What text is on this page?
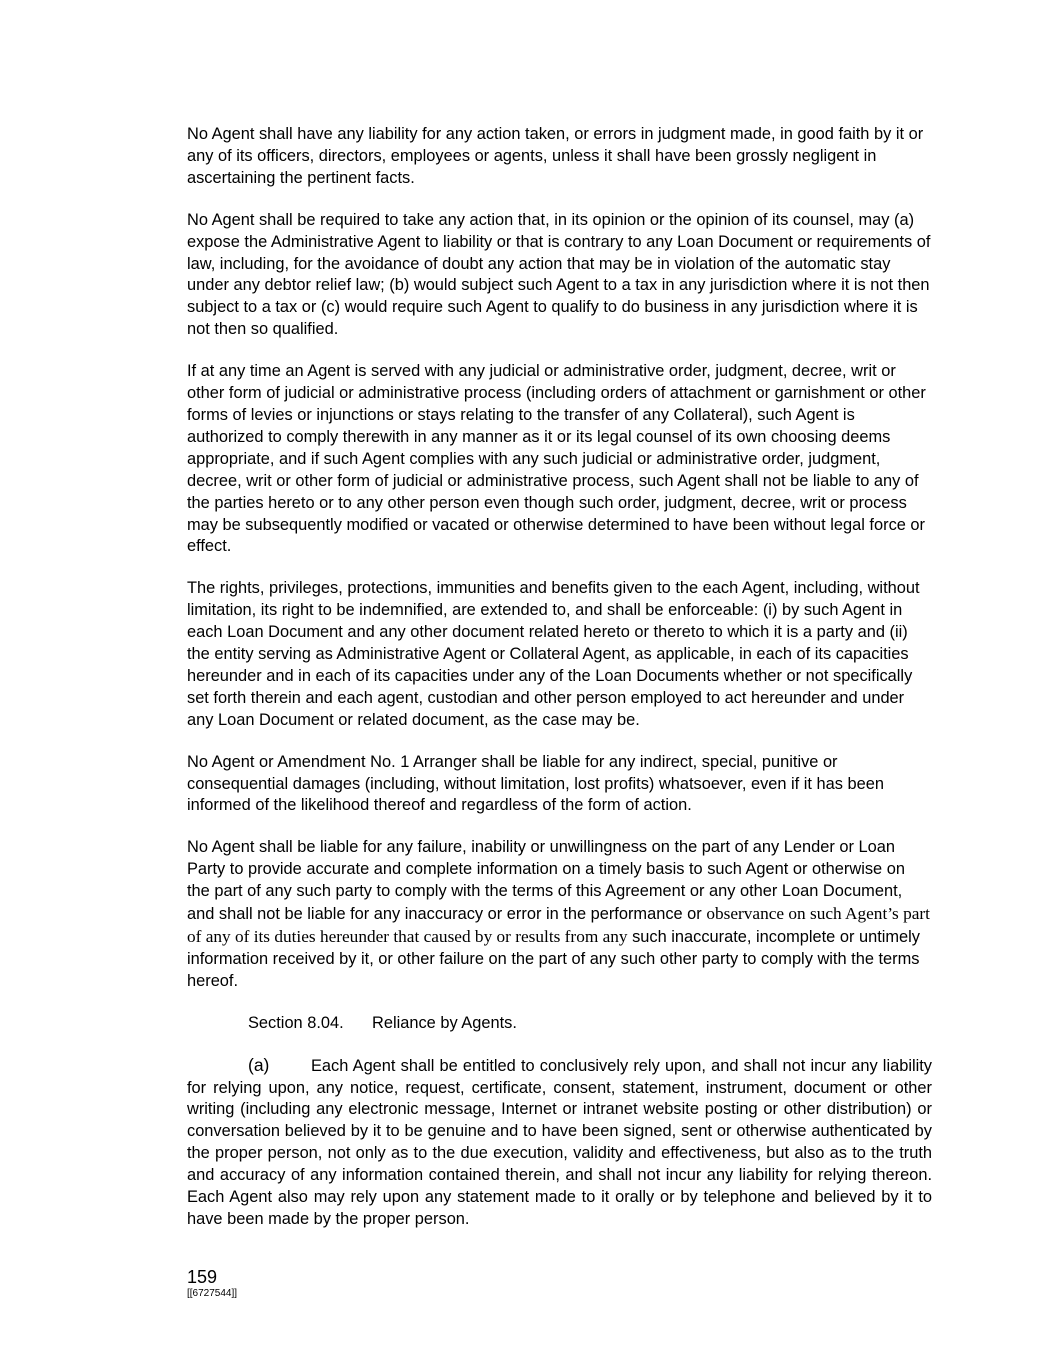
No Agent shall have any liability for any action taken, or errors in judgment made, in good faith by it or any of its officers, directors, employees or agents, unless it shall have been grossly negligent in ascertaining the pertinent facts.

No Agent shall be required to take any action that, in its opinion or the opinion of its counsel, may (a) expose the Administrative Agent to liability or that is contrary to any Loan Document or requirements of law, including, for the avoidance of doubt any action that may be in violation of the automatic stay under any debtor relief law; (b) would subject such Agent to a tax in any jurisdiction where it is not then subject to a tax or (c) would require such Agent to qualify to do business in any jurisdiction where it is not then so qualified.

If at any time an Agent is served with any judicial or administrative order, judgment, decree, writ or other form of judicial or administrative process (including orders of attachment or garnishment or other forms of levies or injunctions or stays relating to the transfer of any Collateral), such Agent is authorized to comply therewith in any manner as it or its legal counsel of its own choosing deems appropriate, and if such Agent complies with any such judicial or administrative order, judgment, decree, writ or other form of judicial or administrative process, such Agent shall not be liable to any of the parties hereto or to any other person even though such order, judgment, decree, writ or process may be subsequently modified or vacated or otherwise determined to have been without legal force or effect.

The rights, privileges, protections, immunities and benefits given to the each Agent, including, without limitation, its right to be indemnified, are extended to, and shall be enforceable: (i) by such Agent in each Loan Document and any other document related hereto or thereto to which it is a party and (ii) the entity serving as Administrative Agent or Collateral Agent, as applicable, in each of its capacities hereunder and in each of its capacities under any of the Loan Documents whether or not specifically set forth therein and each agent, custodian and other person employed to act hereunder and under any Loan Document or related document, as the case may be.

No Agent or Amendment No. 1 Arranger shall be liable for any indirect, special, punitive or consequential damages (including, without limitation, lost profits) whatsoever, even if it has been informed of the likelihood thereof and regardless of the form of action.

No Agent shall be liable for any failure, inability or unwillingness on the part of any Lender or Loan Party to provide accurate and complete information on a timely basis to such Agent or otherwise on the part of any such party to comply with the terms of this Agreement or any other Loan Document, and shall not be liable for any inaccuracy or error in the performance or observance on such Agent’s part of any of its duties hereunder that caused by or results from any such inaccurate, incomplete or untimely information received by it, or other failure on the part of any such other party to comply with the terms hereof.

Section 8.04. Reliance by Agents.

(a)	Each Agent shall be entitled to conclusively rely upon, and shall not incur any liability for relying upon, any notice, request, certificate, consent, statement, instrument, document or other writing (including any electronic message, Internet or intranet website posting or other distribution) or conversation believed by it to be genuine and to have been signed, sent or otherwise authenticated by the proper person, not only as to the due execution, validity and effectiveness, but also as to the truth and accuracy of any information contained therein, and shall not incur any liability for relying thereon. Each Agent also may rely upon any statement made to it orally or by telephone and believed by it to have been made by the proper person.

159

[[6727544]]
